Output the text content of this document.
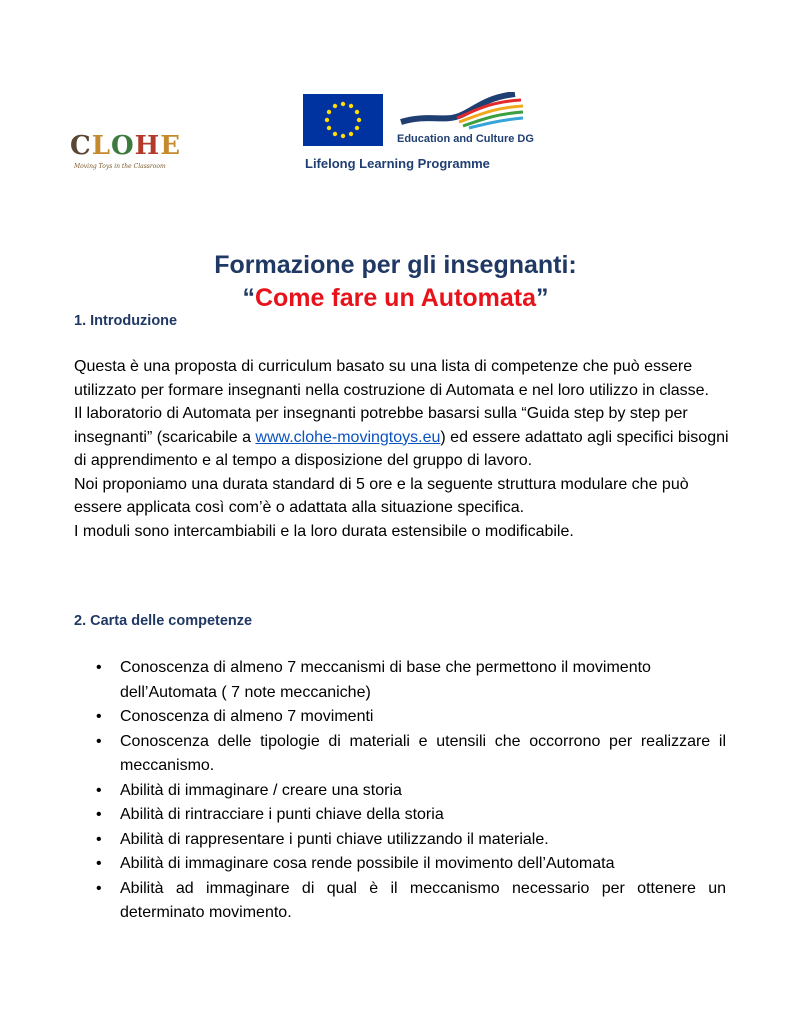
CLOHE
Moving Toys in the Classroom
Education and Culture DG
Lifelong Learning Programme
Formazione per gli insegnanti:
“Come fare un Automata”
1. Introduzione

Questa è una proposta di curriculum basato su una lista di competenze che può essere utilizzato per formare insegnanti nella costruzione di Automata e nel loro utilizzo in classe.

Il laboratorio di Automata per insegnanti potrebbe basarsi sulla “Guida step by step per insegnanti” (scaricabile a www.clohe-movingtoys.eu) ed essere adattato agli specifici bisogni di apprendimento e al tempo a disposizione del gruppo di lavoro.

Noi proponiamo una durata standard di 5 ore e la seguente struttura modulare che può essere applicata così com’è o adattata alla situazione specifica.

I moduli sono intercambiabili e la loro durata estensibile o modificabile.

2. Carta delle competenze
• Conoscenza di almeno 7 meccanismi di base che permettono il movimento dell’Automata ( 7 note meccaniche)
• Conoscenza di almeno 7 movimenti
• Conoscenza delle tipologie di materiali e utensili che occorrono per realizzare il meccanismo.
• Abilità di immaginare / creare una storia
• Abilità di rintracciare i punti chiave della storia
• Abilità di rappresentare i punti chiave utilizzando il materiale.
• Abilità di immaginare cosa rende possibile il movimento dell’Automata
• Abilità ad immaginare di qual è il meccanismo necessario per ottenere un determinato movimento.
